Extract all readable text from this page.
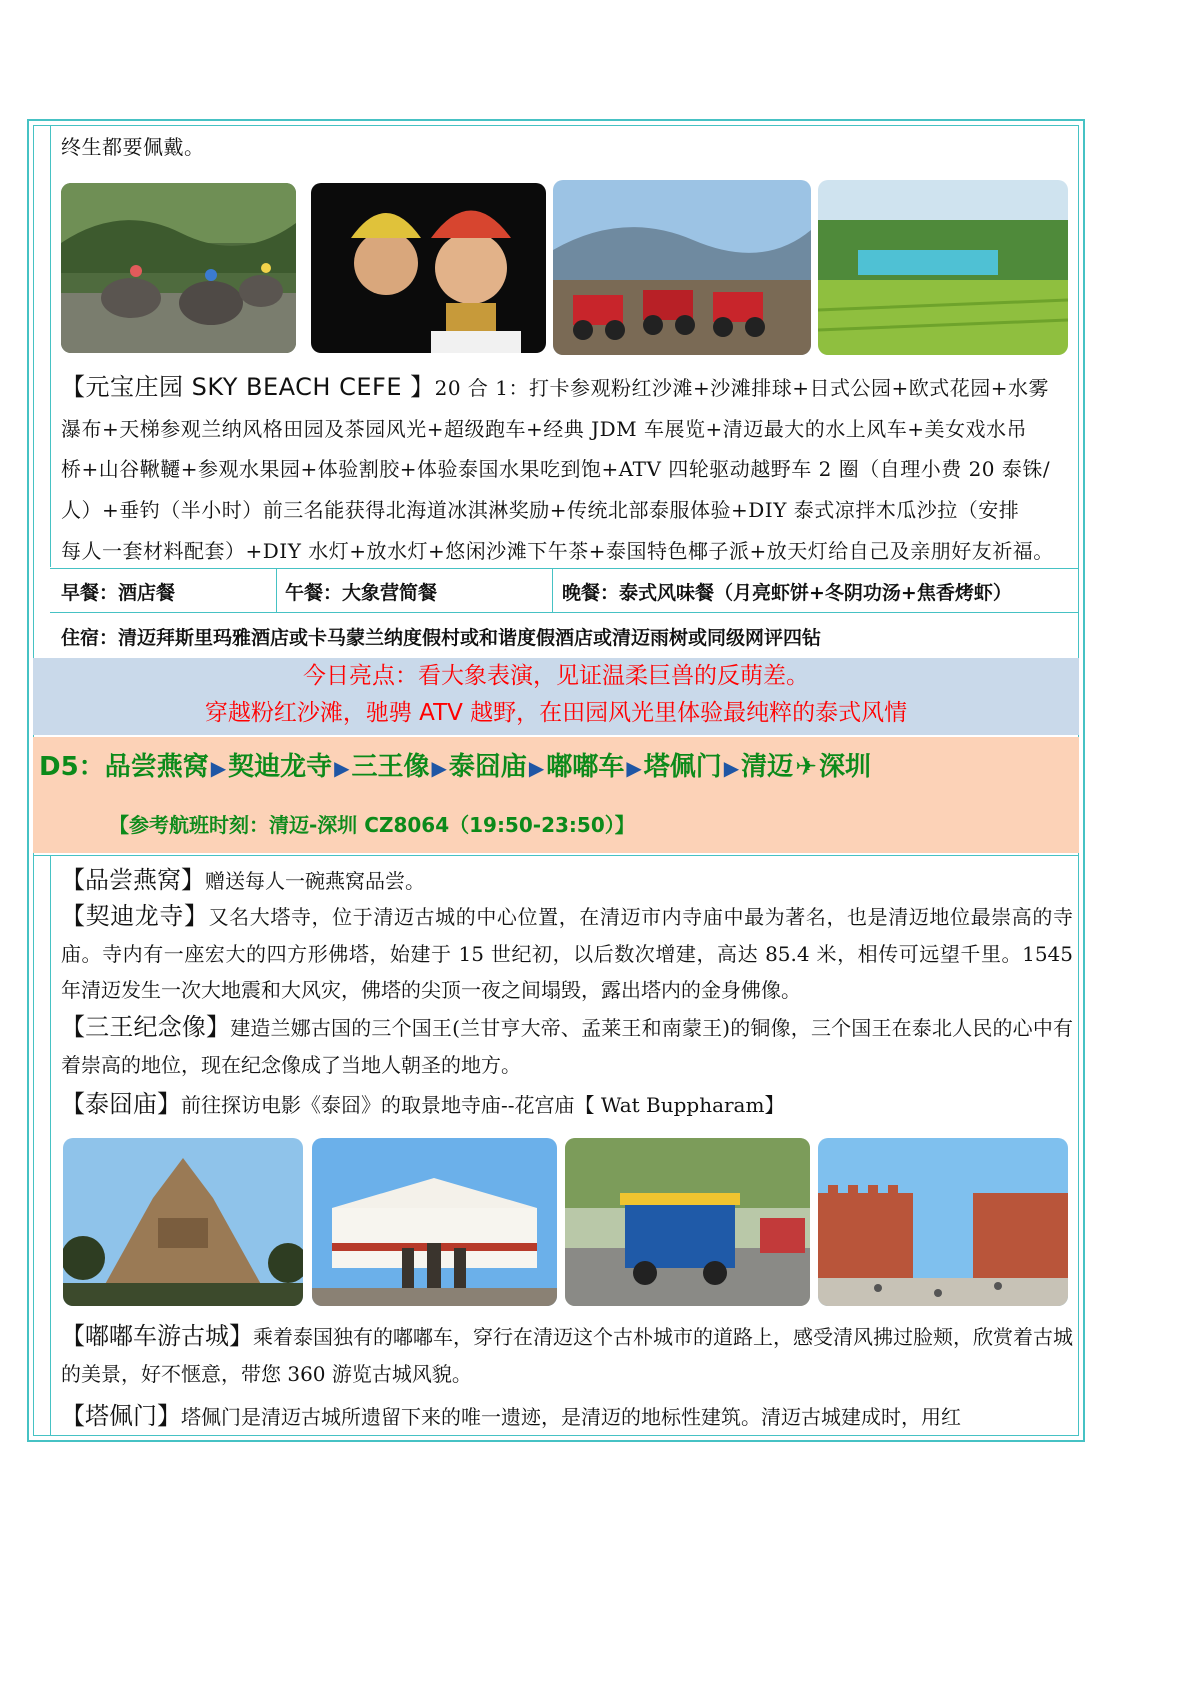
终生都要佩戴。
【元宝庄园 SKY BEACH CEFE 】20 合 1：打卡参观粉红沙滩+沙滩排球+日式公园+欧式花园+水雾
瀑布+天梯参观兰纳风格田园及茶园风光+超级跑车+经典 JDM 车展览+清迈最大的水上风车+美女戏水吊
桥+山谷鞦韆+参观水果园+体验割胶+体验泰国水果吃到饱+ATV 四轮驱动越野车 2 圈（自理小费 20 泰铢/
人）+垂钓（半小时）前三名能获得北海道冰淇淋奖励+传统北部泰服体验+DIY 泰式凉拌木瓜沙拉（安排
每人一套材料配套）+DIY 水灯+放水灯+悠闲沙滩下午茶+泰国特色椰子派+放天灯给自己及亲朋好友祈福。
早餐：酒店餐	午餐：大象营简餐	晚餐：泰式风味餐（月亮虾饼+冬阴功汤+焦香烤虾）
住宿：清迈拜斯里玛雅酒店或卡马蒙兰纳度假村或和谐度假酒店或清迈雨树或同级网评四钻
今日亮点：看大象表演，见证温柔巨兽的反萌差。
穿越粉红沙滩，驰骋 ATV 越野，在田园风光里体验最纯粹的泰式风情
D5：品尝燕窝 ▶契迪龙寺 ▶三王像 ▶泰囧庙 ▶嘟嘟车 ▶塔佩门 ▶清迈✈深圳
【参考航班时刻：清迈-深圳 CZ8064（19:50-23:50）】
【品尝燕窝】赠送每人一碗燕窝品尝。
【契迪龙寺】又名大塔寺，位于清迈古城的中心位置，在清迈市内寺庙中最为著名，也是清迈地位最崇高的寺庙。寺内有一座宏大的四方形佛塔，始建于 15 世纪初，以后数次增建，高达 85.4 米，相传可远望千里。1545 年清迈发生一次大地震和大风灾，佛塔的尖顶一夜之间塌毁，露出塔内的金身佛像。
【三王纪念像】建造兰娜古国的三个国王(兰甘亨大帝、孟莱王和南蒙王)的铜像，三个国王在泰北人民的心中有着崇高的地位，现在纪念像成了当地人朝圣的地方。
【泰囧庙】前往探访电影《泰囧》的取景地寺庙--花宫庙【 Wat Buppharam】
【嘟嘟车游古城】乘着泰国独有的嘟嘟车，穿行在清迈这个古朴城市的道路上，感受清风拂过脸颊，欣赏着古城的美景，好不惬意，带您 360 游览古城风貌。
【塔佩门】塔佩门是清迈古城所遗留下来的唯一遗迹，是清迈的地标性建筑。清迈古城建成时，用红
